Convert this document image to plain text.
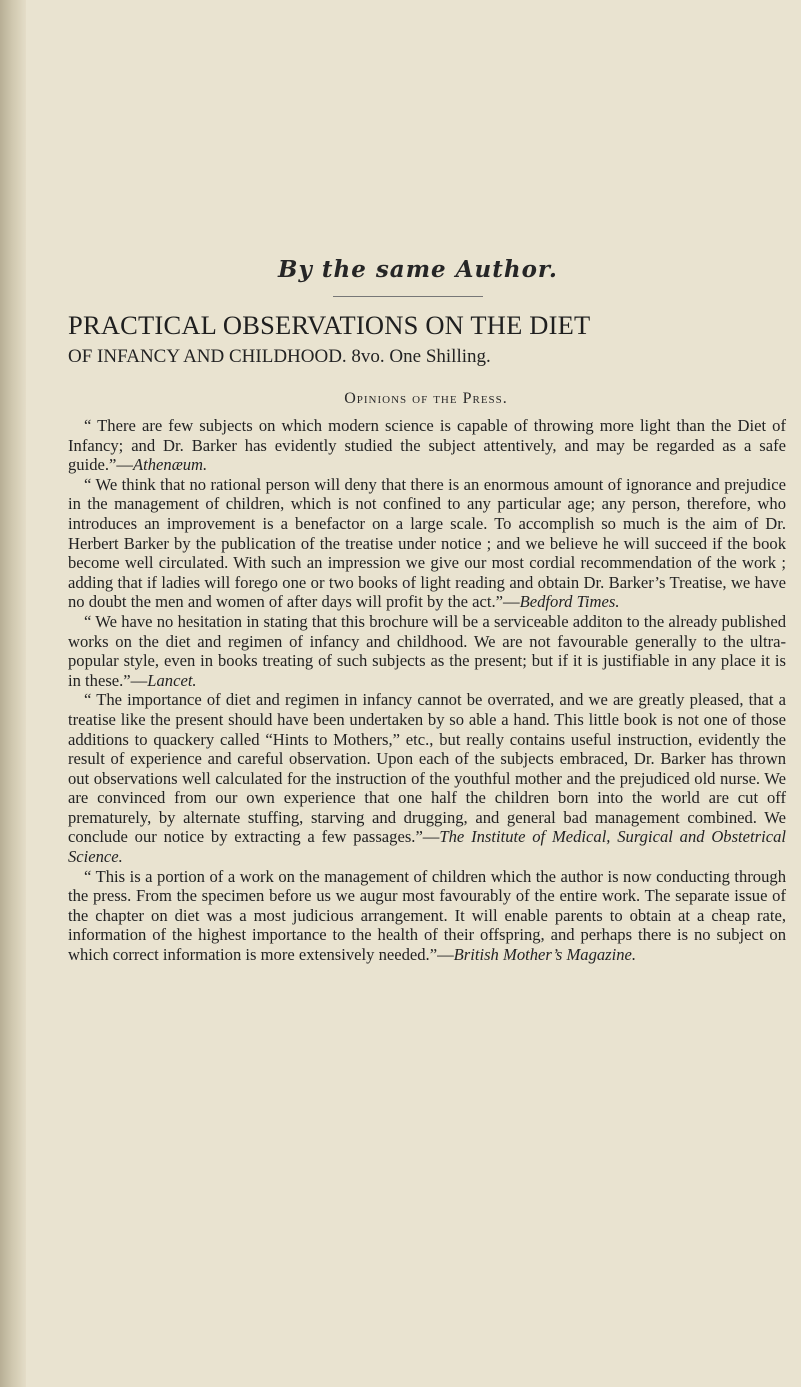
By the same Author.
PRACTICAL OBSERVATIONS ON THE DIET
OF INFANCY AND CHILDHOOD. 8vo. One Shilling.
Opinions of the Press.

“ There are few subjects on which modern science is capable of throwing more light than the Diet of Infancy; and Dr. Barker has evidently studied the subject attentively, and may be regarded as a safe guide.”—Athenæum.

“ We think that no rational person will deny that there is an enormous amount of ignorance and prejudice in the management of children, which is not confined to any particular age; any person, therefore, who introduces an improvement is a benefactor on a large scale. To accomplish so much is the aim of Dr. Herbert Barker by the publication of the treatise under notice ; and we believe he will succeed if the book become well circulated. With such an impression we give our most cordial recommendation of the work ; adding that if ladies will forego one or two books of light reading and obtain Dr. Barker’s Treatise, we have no doubt the men and women of after days will profit by the act.”—Bedford Times.

“ We have no hesitation in stating that this brochure will be a serviceable additon to the already published works on the diet and regimen of infancy and childhood. We are not favourable generally to the ultra-popular style, even in books treating of such subjects as the present; but if it is justifiable in any place it is in these.”—Lancet.

“ The importance of diet and regimen in infancy cannot be overrated, and we are greatly pleased, that a treatise like the present should have been undertaken by so able a hand. This little book is not one of those additions to quackery called “Hints to Mothers,” etc., but really contains useful instruction, evidently the result of experience and careful observation. Upon each of the subjects embraced, Dr. Barker has thrown out observations well calculated for the instruction of the youthful mother and the prejudiced old nurse. We are convinced from our own experience that one half the children born into the world are cut off prematurely, by alternate stuffing, starving and drugging, and general bad management combined. We conclude our notice by extracting a few passages.”—The Institute of Medical, Surgical and Obstetrical Science.

“ This is a portion of a work on the management of children which the author is now conducting through the press. From the specimen before us we augur most favourably of the entire work. The separate issue of the chapter on diet was a most judicious arrangement. It will enable parents to obtain at a cheap rate, information of the highest importance to the health of their offspring, and perhaps there is no subject on which correct information is more extensively needed.”—British Mother’s Magazine.
